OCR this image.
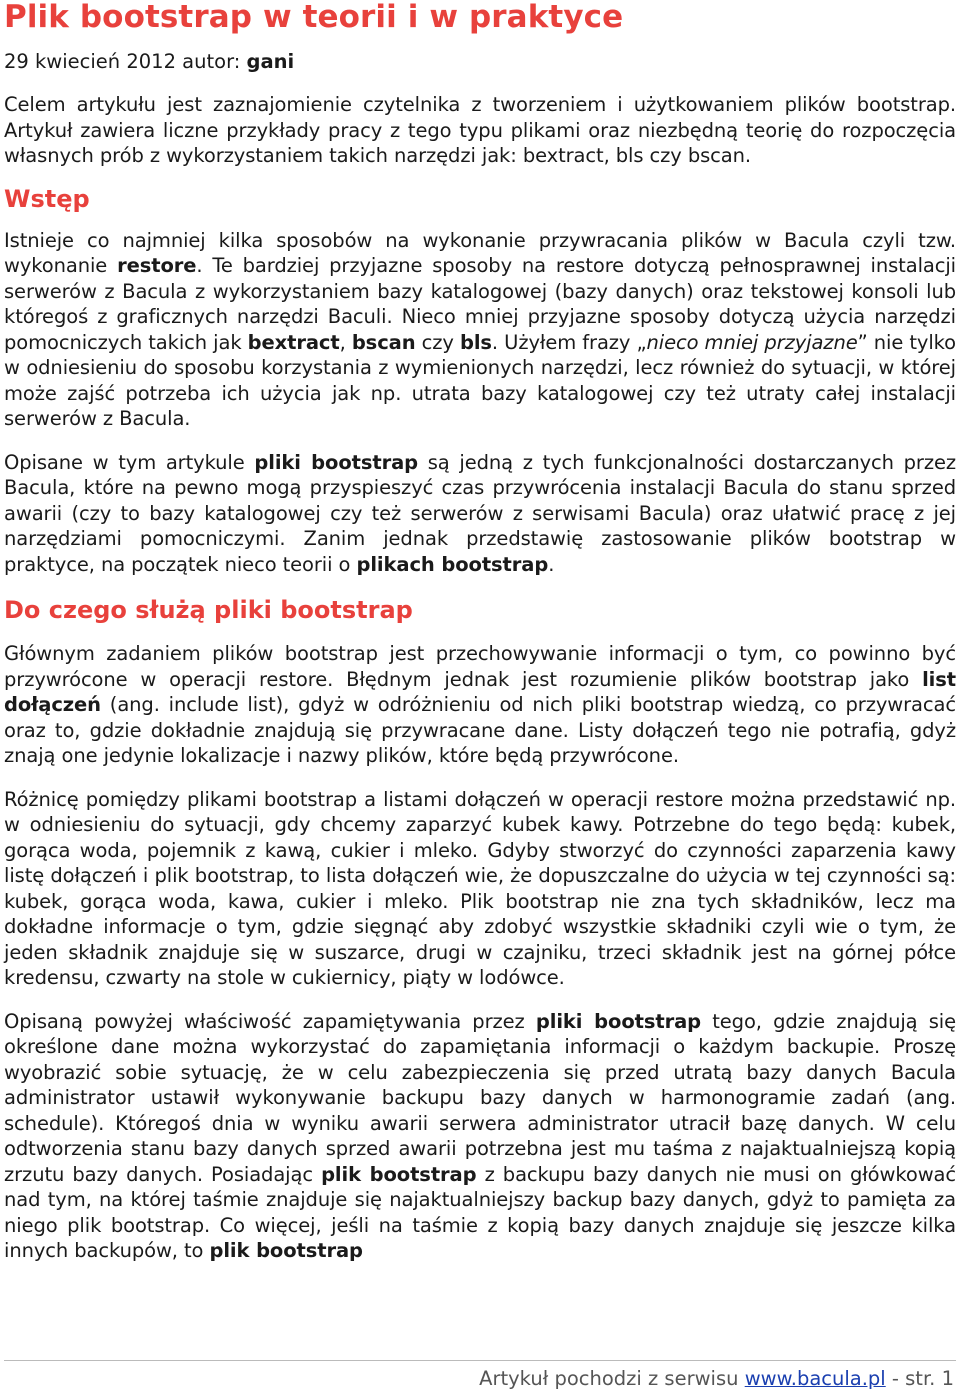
Plik bootstrap w teorii i w praktyce
29 kwiecień 2012 autor: gani

Celem artykułu jest zaznajomienie czytelnika z tworzeniem i użytkowaniem plików bootstrap. Artykuł zawiera liczne przykłady pracy z tego typu plikami oraz niezbędną teorię do rozpoczęcia własnych prób z wykorzystaniem takich narzędzi jak: bextract, bls czy bscan.

Wstęp

Istnieje co najmniej kilka sposobów na wykonanie przywracania plików w Bacula czyli tzw. wykonanie restore. Te bardziej przyjazne sposoby na restore dotyczą pełnosprawnej instalacji serwerów z Bacula z wykorzystaniem bazy katalogowej (bazy danych) oraz tekstowej konsoli lub któregoś z graficznych narzędzi Baculi. Nieco mniej przyjazne sposoby dotyczą użycia narzędzi pomocniczych takich jak bextract, bscan czy bls. Użyłem frazy „nieco mniej przyjazne” nie tylko w odniesieniu do sposobu korzystania z wymienionych narzędzi, lecz również do sytuacji, w której może zajść potrzeba ich użycia jak np. utrata bazy katalogowej czy też utraty całej instalacji serwerów z Bacula.

Opisane w tym artykule pliki bootstrap są jedną z tych funkcjonalności dostarczanych przez Bacula, które na pewno mogą przyspieszyć czas przywrócenia instalacji Bacula do stanu sprzed awarii (czy to bazy katalogowej czy też serwerów z serwisami Bacula) oraz ułatwić pracę z jej narzędziami pomocniczymi. Zanim jednak przedstawię zastosowanie plików bootstrap w praktyce, na początek nieco teorii o plikach bootstrap.

Do czego służą pliki bootstrap

Głównym zadaniem plików bootstrap jest przechowywanie informacji o tym, co powinno być przywrócone w operacji restore. Błędnym jednak jest rozumienie plików bootstrap jako list dołączeń (ang. include list), gdyż w odróżnieniu od nich pliki bootstrap wiedzą, co przywracać oraz to, gdzie dokładnie znajdują się przywracane dane. Listy dołączeń tego nie potrafią, gdyż znają one jedynie lokalizacje i nazwy plików, które będą przywrócone.

Różnicę pomiędzy plikami bootstrap a listami dołączeń w operacji restore można przedstawić np. w odniesieniu do sytuacji, gdy chcemy zaparzyć kubek kawy. Potrzebne do tego będą: kubek, gorąca woda, pojemnik z kawą, cukier i mleko. Gdyby stworzyć do czynności zaparzenia kawy listę dołączeń i plik bootstrap, to lista dołączeń wie, że dopuszczalne do użycia w tej czynności są: kubek, gorąca woda, kawa, cukier i mleko. Plik bootstrap nie zna tych składników, lecz ma dokładne informacje o tym, gdzie sięgnąć aby zdobyć wszystkie składniki czyli wie o tym, że jeden składnik znajduje się w suszarce, drugi w czajniku, trzeci składnik jest na górnej półce kredensu, czwarty na stole w cukiernicy, piąty w lodówce.

Opisaną powyżej właściwość zapamiętywania przez pliki bootstrap tego, gdzie znajdują się określone dane można wykorzystać do zapamiętania informacji o każdym backupie. Proszę wyobrazić sobie sytuację, że w celu zabezpieczenia się przed utratą bazy danych Bacula administrator ustawił wykonywanie backupu bazy danych w harmonogramie zadań (ang. schedule). Któregoś dnia w wyniku awarii serwera administrator utracił bazę danych. W celu odtworzenia stanu bazy danych sprzed awarii potrzebna jest mu taśma z najaktualniejszą kopią zrzutu bazy danych. Posiadając plik bootstrap z backupu bazy danych nie musi on główkować nad tym, na której taśmie znajduje się najaktualniejszy backup bazy danych, gdyż to pamięta za niego plik bootstrap. Co więcej, jeśli na taśmie z kopią bazy danych znajduje się jeszcze kilka innych backupów, to plik bootstrap

Artykuł pochodzi z serwisu www.bacula.pl - str. 1
